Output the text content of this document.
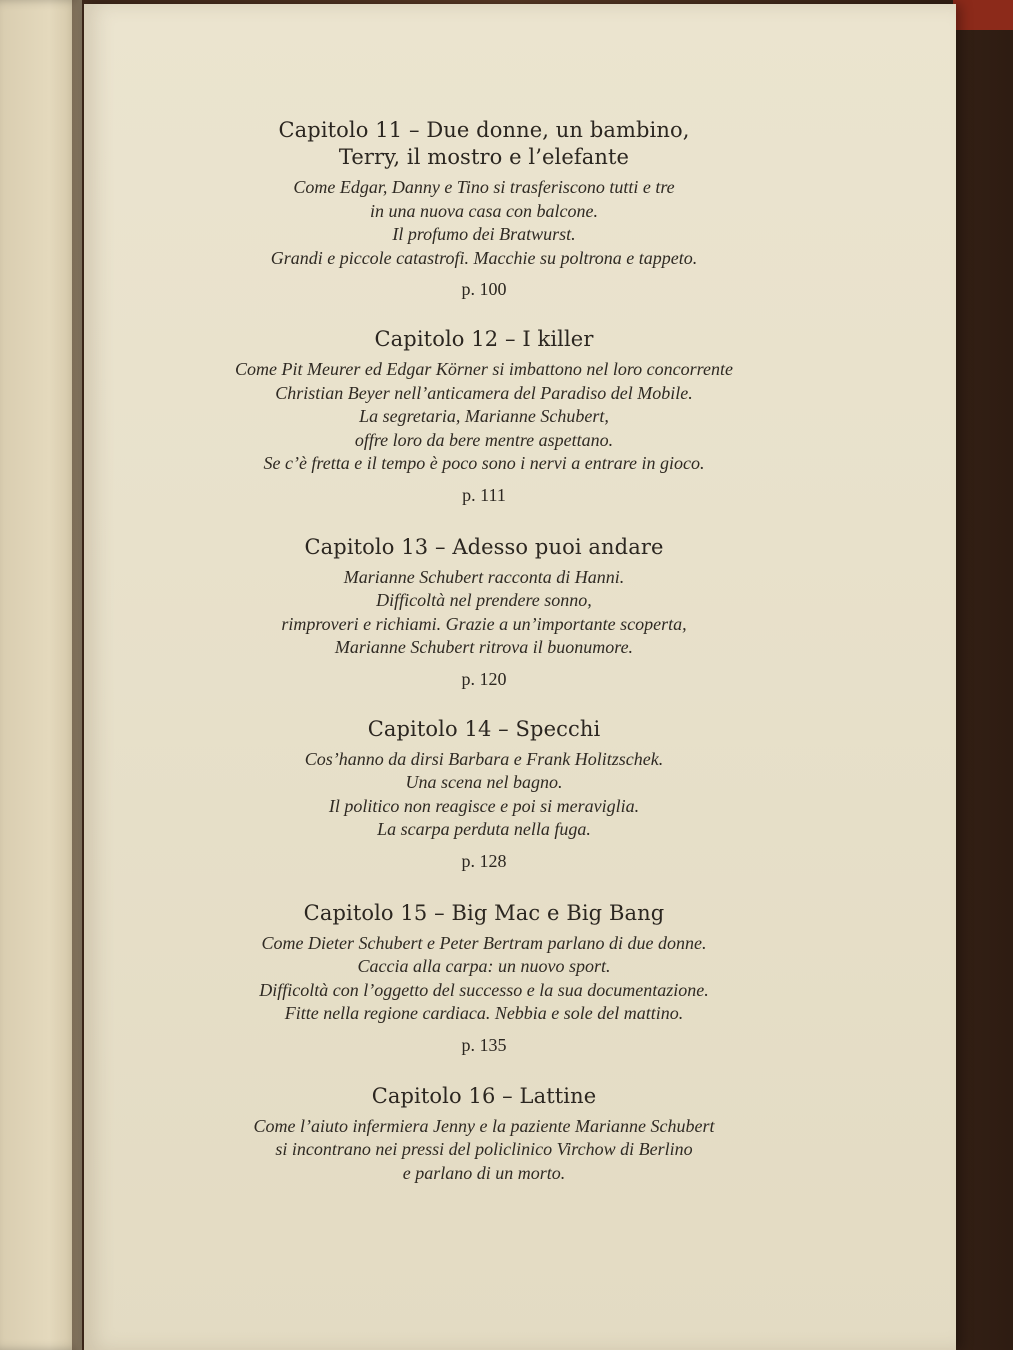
Capitolo 11 – Due donne, un bambino,
Terry, il mostro e l’elefante
Come Edgar, Danny e Tino si trasferiscono tutti e tre
in una nuova casa con balcone.
Il profumo dei Bratwurst.
Grandi e piccole catastrofi. Macchie su poltrona e tappeto.
p. 100
Capitolo 12 – I killer
Come Pit Meurer ed Edgar Körner si imbattono nel loro concorrente
Christian Beyer nell’anticamera del Paradiso del Mobile.
La segretaria, Marianne Schubert,
offre loro da bere mentre aspettano.
Se c’è fretta e il tempo è poco sono i nervi a entrare in gioco.
p. 111
Capitolo 13 – Adesso puoi andare
Marianne Schubert racconta di Hanni.
Difficoltà nel prendere sonno,
rimproveri e richiami. Grazie a un’importante scoperta,
Marianne Schubert ritrova il buonumore.
p. 120
Capitolo 14 – Specchi
Cos’hanno da dirsi Barbara e Frank Holitzschek.
Una scena nel bagno.
Il politico non reagisce e poi si meraviglia.
La scarpa perduta nella fuga.
p. 128
Capitolo 15 – Big Mac e Big Bang
Come Dieter Schubert e Peter Bertram parlano di due donne.
Caccia alla carpa: un nuovo sport.
Difficoltà con l’oggetto del successo e la sua documentazione.
Fitte nella regione cardiaca. Nebbia e sole del mattino.
p. 135
Capitolo 16 – Lattine
Come l’aiuto infermiera Jenny e la paziente Marianne Schubert
si incontrano nei pressi del policlinico Virchow di Berlino
e parlano di un morto.
